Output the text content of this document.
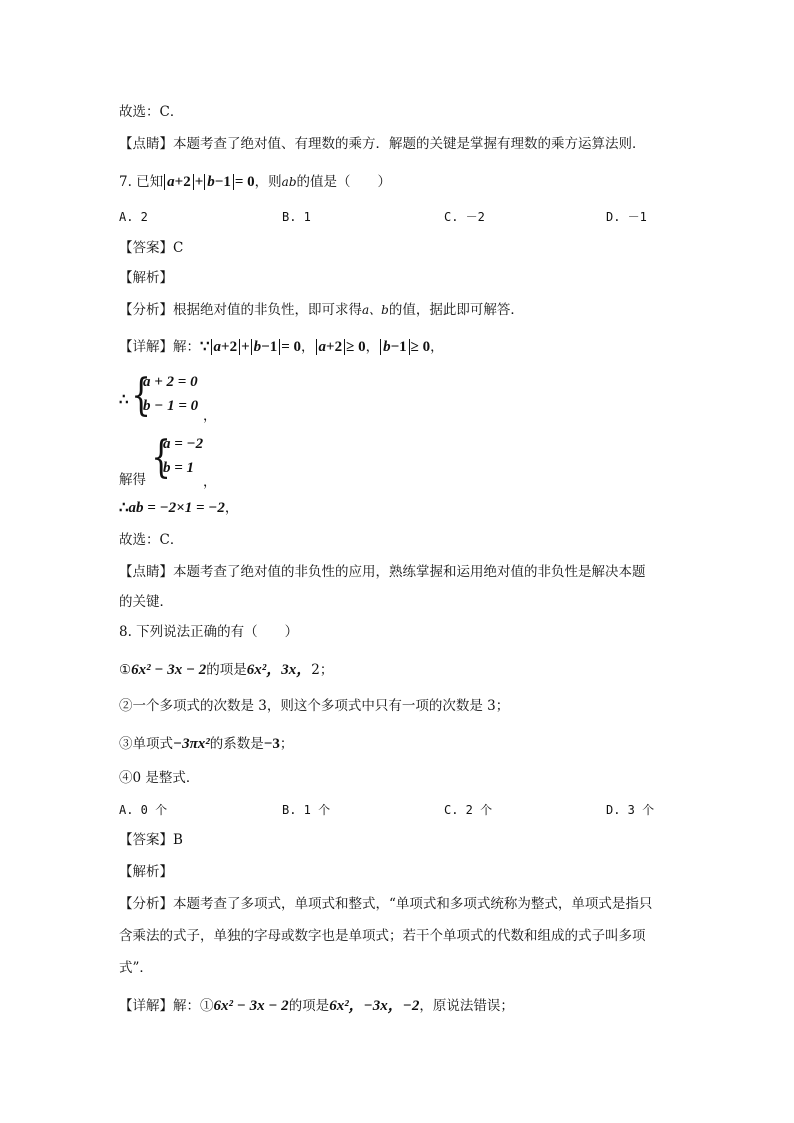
故选：C．
【点睛】本题考查了绝对值、有理数的乘方．解题的关键是掌握有理数的乘方运算法则．
7. 已知 a+2 + b−1 = 0，则ab的值是（　　）
A. 2	B. 1	C. －2	D. －1
【答案】C
【解析】
【分析】根据绝对值的非负性，即可求得a、b的值，据此即可解答．
【详解】解：∵ a+2 + b−1 = 0， a+2 ≥ 0， b−1 ≥ 0，
∴ {
a + 2 = 0
b − 1 = 0
，
解得 {
a = −2
b = 1
，
∴ab = −2×1 = −2，
故选：C．
【点睛】本题考查了绝对值的非负性的应用，熟练掌握和运用绝对值的非负性是解决本题
的关键．
8. 下列说法正确的有（　　）
①6x² − 3x − 2的项是6x²，3x，2；
②一个多项式的次数是 3，则这个多项式中只有一项的次数是 3；
③单项式−3πx²的系数是−3；
④0 是整式．
A. 0 个	B. 1 个	C. 2 个	D. 3 个
【答案】B
【解析】
【分析】本题考查了多项式，单项式和整式，“单项式和多项式统称为整式，单项式是指只
含乘法的式子，单独的字母或数字也是单项式；若干个单项式的代数和组成的式子叫多项
式”．
【详解】解：①6x² − 3x − 2的项是6x²，−3x，−2，原说法错误；
